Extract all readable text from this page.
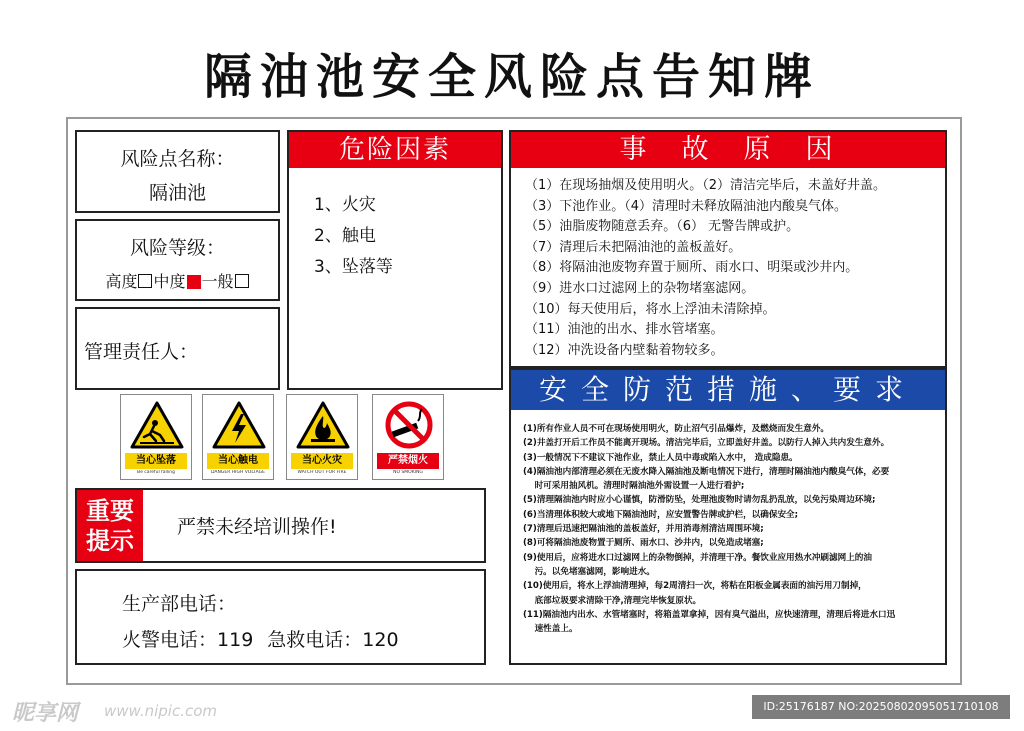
隔油池安全风险点告知牌
风险点名称：
隔油池
风险等级：
高度 中度 一般
管理责任人：
危险因素
1、火灾
2、触电
3、坠落等
事　故　原　因
（1）在现场抽烟及使用明火。（2）清洁完毕后，未盖好井盖。
（3）下池作业。（4）清理时未释放隔油池内酸臭气体。
（5）油脂废物随意丢弃。（6） 无警告牌或护。
（7）清理后未把隔油池的盖板盖好。
（8）将隔油池废物弃置于厕所、雨水口、明渠或沙井内。
（9）进水口过滤网上的杂物堵塞滤网。
（10）每天使用后，将水上浮油未清除掉。
（11）油池的出水、排水管堵塞。
（12）冲洗设备内壁黏着物较多。
安全防范措施、要求
(1)所有作业人员不可在现场使用明火，防止沼气引品爆炸，及燃烧而发生意外。
(2)井盖打开后工作员不能离开现场。清洁完毕后，立即盖好井盖。以防行人掉入共内发生意外。
(3)一般情况下不建议下池作业，禁止人员中毒或陷入水中， 造成隐患。
(4)隔油池内部清理必须在无废水降入隔油池及断电情况下进行，清理时隔油池内酸臭气体，必要
　 时可采用抽风机。清理时隔油池外需设置一人进行看护;
(5)清理隔油池内时应小心谨慎，防滑防坠，处理池废物时请勿乱扔乱放，以免污染周边环境;
(6)当清理体积较大或地下隔油池时，应安置警告牌或护栏，以确保安全;
(7)清理后迅速把隔油池的盖板盖好，并用消毒剂清洁周围环境;
(8)可将隔油池废物置于厕所、雨水口、沙井内，以免造成堵塞;
(9)使用后，应将进水口过滤网上的杂物倒掉，并清理干净。餐饮业应用热水冲刷滤网上的油
　 污。以免堵塞滤网，影响进水。
(10)使用后，将水上浮油清理掉，每2周清扫一次，将粘在阳板金属表面的油污用刀制掉，
　 底部垃圾要求清除干净,清理完毕恢复原状。
(11)隔油池内出水、水管堵塞时，将箱盖罩拿掉，因有臭气溢出，应快速清理，清理后将进水口迅
　 速性盖上。
当心坠落
Be careful falling
当心触电
DANGER HIGH VOLTAGE
当心火灾
WATCH OUT FOR FIRE
严禁烟火
NO SMOKING
重要
提示	严禁未经培训操作!
生产部电话：
火警电话：119 急救电话：120
昵享网 www.nipic.com	ID:25176187 NO:20250802095051710108
